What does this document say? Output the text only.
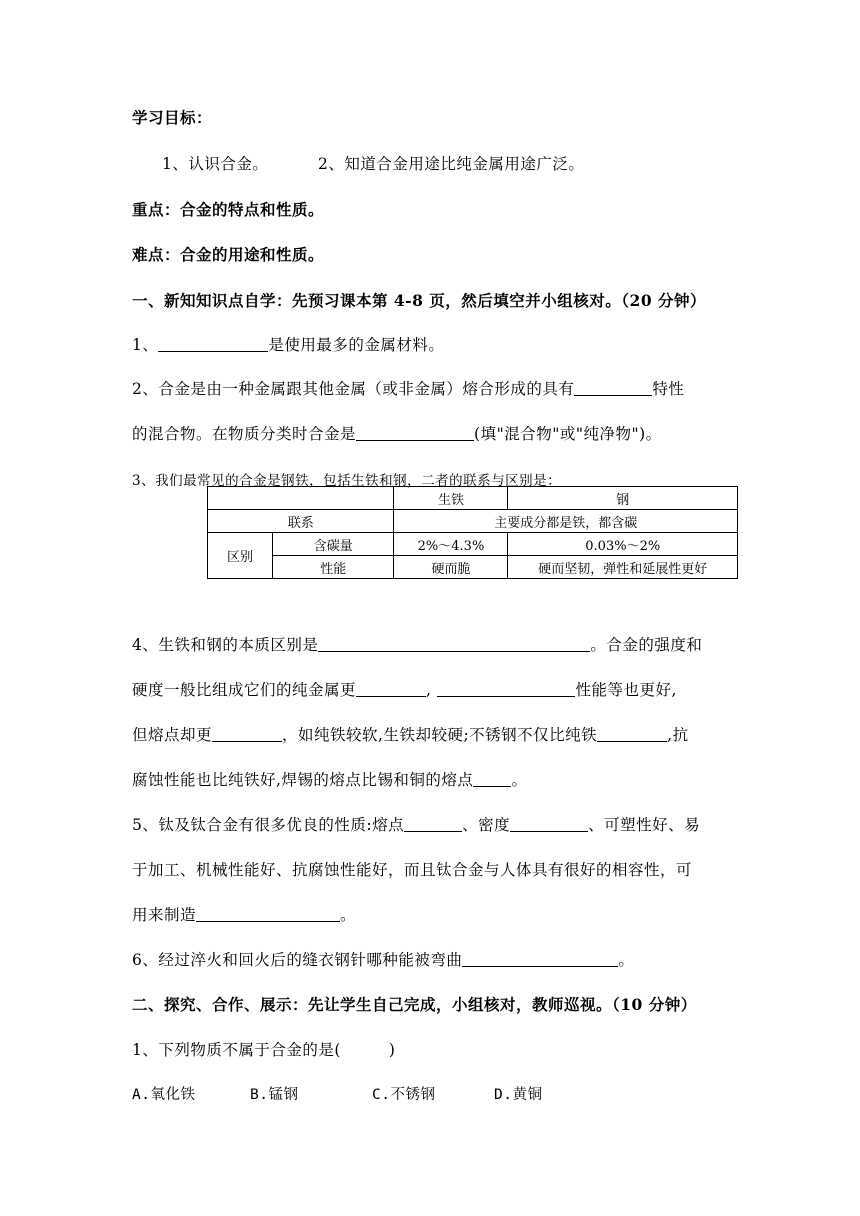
学习目标：
1、认识合金。	2、知道合金用途比纯金属用途广泛。
重点：合金的特点和性质。
难点：合金的用途和性质。
一、新知知识点自学：先预习课本第 4-8 页，然后填空并小组核对。（20 分钟）
1、	是使用最多的金属材料。
2、合金是由一种金属跟其他金属（或非金属）熔合形成的具有	特性
的混合物。在物质分类时合金是	(填"混合物"或"纯净物")。
3、我们最常见的合金是钢铁，包括生铁和钢，二者的联系与区别是：
		生铁	钢
联系		主要成分都是铁，都含碳	
区别	含碳量	2%～4.3%	0.03%～2%
	性能	硬而脆	硬而坚韧，弹性和延展性更好
4、生铁和钢的本质区别是	。合金的强度和
硬度一般比组成它们的纯金属更	,	性能等也更好,
但熔点却更	，如纯铁较软,生铁却较硬;不锈钢不仅比纯铁	,抗
腐蚀性能也比纯铁好,焊锡的熔点比锡和铜的熔点 。
5、钛及钛合金有很多优良的性质:熔点	、密度	、可塑性好、易
于加工、机械性能好、抗腐蚀性能好，而且钛合金与人体具有很好的相容性，可
用来制造	。
6、经过淬火和回火后的缝衣钢针哪种能被弯曲	。
二、探究、合作、展示：先让学生自己完成，小组核对，教师巡视。（10 分钟）
1、下列物质不属于合金的是(　　　)
A.氧化铁	B.锰钢	C.不锈钢	D.黄铜
